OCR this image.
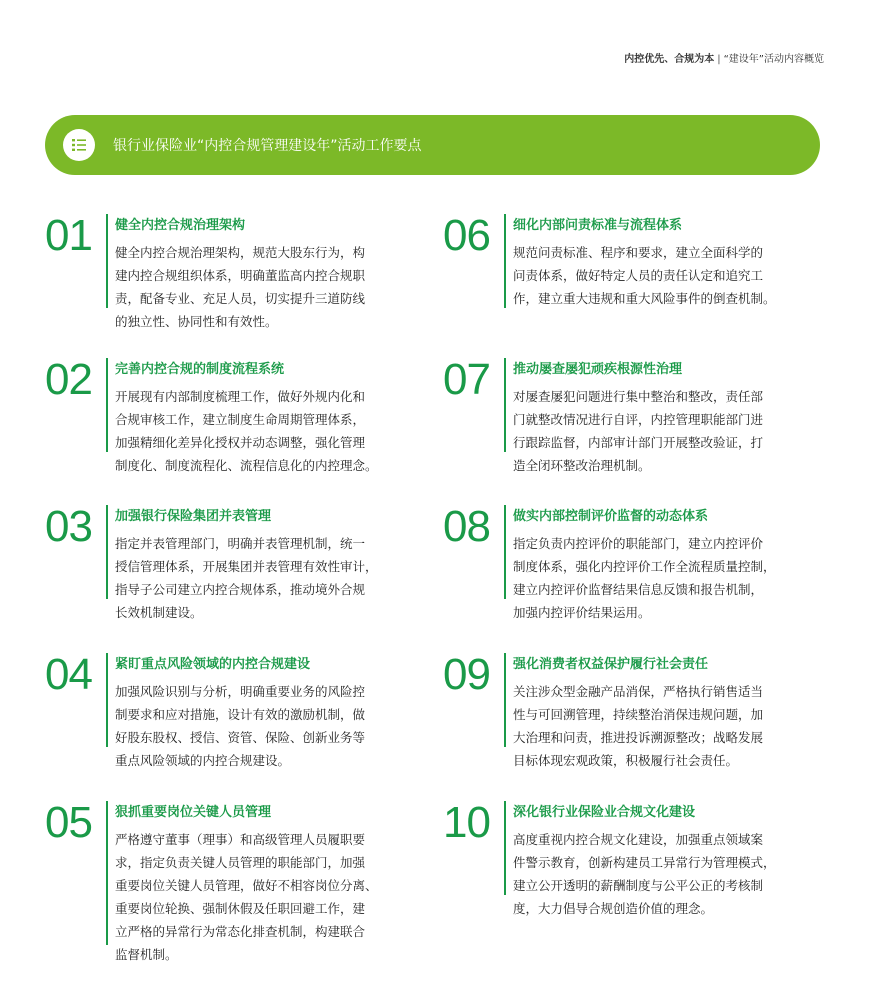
内控优先、合规为本 | “建设年”活动内容概览
银行业保险业“内控合规管理建设年”活动工作要点
01 健全内控合规治理架构
健全内控合规治理架构，规范大股东行为，构
建内控合规组织体系，明确董监高内控合规职
责，配备专业、充足人员，切实提升三道防线
的独立性、协同性和有效性。
02 完善内控合规的制度流程系统
开展现有内部制度梳理工作，做好外规内化和
合规审核工作，建立制度生命周期管理体系，
加强精细化差异化授权并动态调整，强化管理
制度化、制度流程化、流程信息化的内控理念。
03 加强银行保险集团并表管理
指定并表管理部门，明确并表管理机制，统一
授信管理体系，开展集团并表管理有效性审计，
指导子公司建立内控合规体系，推动境外合规
长效机制建设。
04 紧盯重点风险领域的内控合规建设
加强风险识别与分析，明确重要业务的风险控
制要求和应对措施，设计有效的激励机制，做
好股东股权、授信、资管、保险、创新业务等
重点风险领域的内控合规建设。
05 狠抓重要岗位关键人员管理
严格遵守董事（理事）和高级管理人员履职要
求，指定负责关键人员管理的职能部门，加强
重要岗位关键人员管理，做好不相容岗位分离、
重要岗位轮换、强制休假及任职回避工作，建
立严格的异常行为常态化排查机制，构建联合
监督机制。
06 细化内部问责标准与流程体系
规范问责标准、程序和要求，建立全面科学的
问责体系，做好特定人员的责任认定和追究工
作，建立重大违规和重大风险事件的倒查机制。
07 推动屡查屡犯顽疾根源性治理
对屡查屡犯问题进行集中整治和整改，责任部
门就整改情况进行自评，内控管理职能部门进
行跟踪监督，内部审计部门开展整改验证，打
造全闭环整改治理机制。
08 做实内部控制评价监督的动态体系
指定负责内控评价的职能部门，建立内控评价
制度体系，强化内控评价工作全流程质量控制，
建立内控评价监督结果信息反馈和报告机制，
加强内控评价结果运用。
09 强化消费者权益保护履行社会责任
关注涉众型金融产品消保，严格执行销售适当
性与可回溯管理，持续整治消保违规问题，加
大治理和问责，推进投诉溯源整改；战略发展
目标体现宏观政策，积极履行社会责任。
10 深化银行业保险业合规文化建设
高度重视内控合规文化建设，加强重点领域案
件警示教育，创新构建员工异常行为管理模式，
建立公开透明的薪酬制度与公平公正的考核制
度，大力倡导合规创造价值的理念。
